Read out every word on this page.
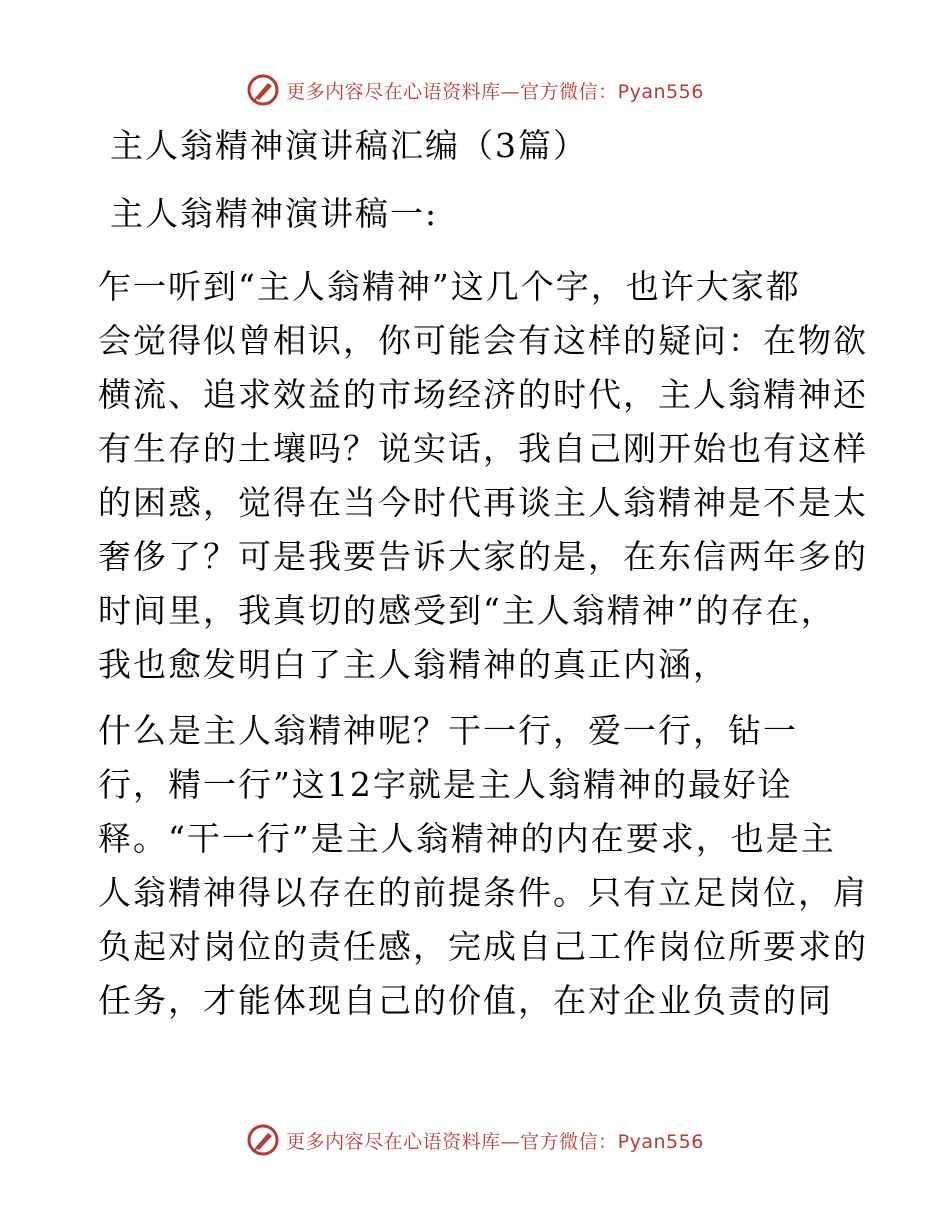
更多内容尽在心语资料库—官方微信：Pyan556
主人翁精神演讲稿汇编（3篇）
主人翁精神演讲稿一:

乍一听到“主人翁精神”这几个字，也许大家都
会觉得似曾相识，你可能会有这样的疑问：在物欲
横流、追求效益的市场经济的时代，主人翁精神还
有生存的土壤吗？说实话，我自己刚开始也有这样
的困惑，觉得在当今时代再谈主人翁精神是不是太
奢侈了？可是我要告诉大家的是，在东信两年多的
时间里，我真切的感受到“主人翁精神”的存在，
我也愈发明白了主人翁精神的真正内涵，

什么是主人翁精神呢？干一行，爱一行，钻一
行，精一行”这12字就是主人翁精神的最好诠
释。“干一行”是主人翁精神的内在要求，也是主
人翁精神得以存在的前提条件。只有立足岗位，肩
负起对岗位的责任感，完成自己工作岗位所要求的
任务，才能体现自己的价值，在对企业负责的同

更多内容尽在心语资料库—官方微信：Pyan556
